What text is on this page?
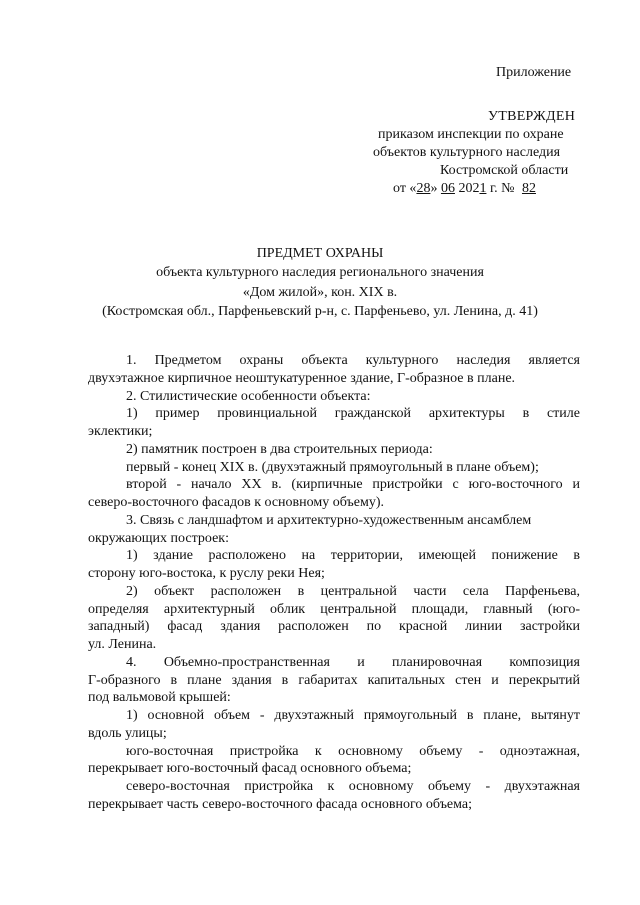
Приложение
УТВЕРЖДЕН
приказом инспекции по охране
объектов культурного наследия
Костромской области
от «28» 06 2021 г. № 82
ПРЕДМЕТ ОХРАНЫ
объекта культурного наследия регионального значения
«Дом жилой», кон. XIX в.
(Костромская обл., Парфеньевский р-н, с. Парфеньево, ул. Ленина, д. 41)
1. Предметом охраны объекта культурного наследия является
двухэтажное кирпичное неоштукатуренное здание, Г-образное в плане.
2. Стилистические особенности объекта:
1) пример провинциальной гражданской архитектуры в стиле
эклектики;
2) памятник построен в два строительных периода:
первый - конец XIX в. (двухэтажный прямоугольный в плане объем);
второй - начало XX в. (кирпичные пристройки с юго-восточного и
северо-восточного фасадов к основному объему).
3. Связь с ландшафтом и архитектурно-художественным ансамблем
окружающих построек:
1) здание расположено на территории, имеющей понижение в
сторону юго-востока, к руслу реки Нея;
2) объект расположен в центральной части села Парфеньева,
определяя архитектурный облик центральной площади, главный (юго-
западный) фасад здания расположен по красной линии застройки
ул. Ленина.
4. Объемно-пространственная и планировочная композиция
Г-образного в плане здания в габаритах капитальных стен и перекрытий
под вальмовой крышей:
1) основной объем - двухэтажный прямоугольный в плане, вытянут
вдоль улицы;
юго-восточная пристройка к основному объему - одноэтажная,
перекрывает юго-восточный фасад основного объема;
северо-восточная пристройка к основному объему - двухэтажная
перекрывает часть северо-восточного фасада основного объема;
